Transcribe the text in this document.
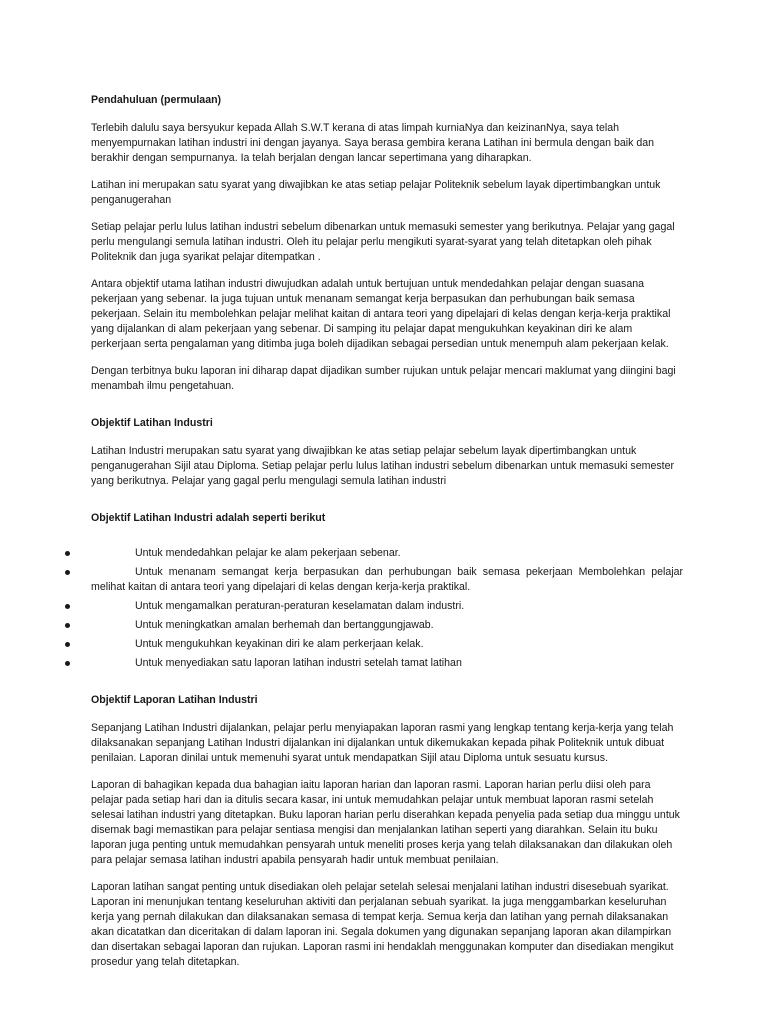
Pendahuluan (permulaan)

Terlebih dalulu saya bersyukur kepada Allah S.W.T kerana di atas limpah kurniaNya dan keizinanNya, saya telah menyempurnakan latihan industri ini dengan jayanya. Saya berasa gembira kerana Latihan ini bermula dengan baik dan berakhir dengan sempurnanya. Ia telah berjalan dengan lancar sepertimana yang diharapkan.

Latihan ini merupakan satu syarat yang diwajibkan ke atas setiap pelajar Politeknik sebelum layak dipertimbangkan untuk penganugerahan

Setiap pelajar perlu lulus latihan industri sebelum dibenarkan untuk memasuki semester yang berikutnya. Pelajar yang gagal perlu mengulangi semula latihan industri. Oleh itu pelajar perlu mengikuti syarat-syarat yang telah ditetapkan oleh pihak Politeknik dan juga syarikat pelajar ditempatkan .

Antara objektif utama latihan industri diwujudkan adalah untuk bertujuan untuk mendedahkan pelajar dengan suasana pekerjaan yang sebenar. Ia juga tujuan untuk menanam semangat kerja berpasukan dan perhubungan baik semasa pekerjaan. Selain itu membolehkan pelajar melihat kaitan di antara teori yang dipelajari di kelas dengan kerja-kerja praktikal yang dijalankan di alam pekerjaan yang sebenar. Di samping itu pelajar dapat mengukuhkan keyakinan diri ke alam perkerjaan serta pengalaman yang ditimba juga boleh dijadikan sebagai persedian untuk menempuh alam pekerjaan kelak.

Dengan terbitnya buku laporan ini diharap dapat dijadikan sumber rujukan untuk pelajar mencari maklumat yang diingini bagi menambah ilmu pengetahuan.

Objektif Latihan Industri

Latihan Industri merupakan satu syarat yang diwajibkan ke atas setiap pelajar sebelum layak dipertimbangkan untuk penganugerahan Sijil atau Diploma. Setiap pelajar perlu lulus latihan industri sebelum dibenarkan untuk memasuki semester yang berikutnya. Pelajar yang gagal perlu mengulagi semula latihan industri

Objektif Latihan Industri adalah seperti berikut
Untuk mendedahkan pelajar ke alam pekerjaan sebenar.
Untuk menanam semangat kerja berpasukan dan perhubungan baik semasa pekerjaan Membolehkan pelajar melihat kaitan di antara teori yang dipelajari di kelas dengan kerja-kerja praktikal.
Untuk mengamalkan peraturan-peraturan keselamatan dalam industri.
Untuk meningkatkan amalan berhemah dan bertanggungjawab.
Untuk mengukuhkan keyakinan diri ke alam perkerjaan kelak.
Untuk menyediakan satu laporan latihan industri setelah tamat latihan
Objektif Laporan Latihan Industri

Sepanjang Latihan Industri dijalankan, pelajar perlu menyiapakan laporan rasmi yang lengkap tentang kerja-kerja yang telah dilaksanakan sepanjang Latihan Industri dijalankan ini dijalankan untuk dikemukakan kepada pihak Politeknik untuk dibuat penilaian. Laporan dinilai untuk memenuhi syarat untuk mendapatkan Sijil atau Diploma untuk sesuatu kursus.

Laporan di bahagikan kepada dua bahagian iaitu laporan harian dan laporan rasmi. Laporan harian perlu diisi oleh para pelajar pada setiap hari dan ia ditulis secara kasar, ini untuk memudahkan pelajar untuk membuat laporan rasmi setelah selesai latihan industri yang ditetapkan. Buku laporan harian perlu diserahkan kepada penyelia pada setiap dua minggu untuk disemak bagi memastikan para pelajar sentiasa mengisi dan menjalankan latihan seperti yang diarahkan. Selain itu buku laporan juga penting untuk memudahkan pensyarah untuk meneliti proses kerja yang telah dilaksanakan dan dilakukan oleh para pelajar semasa latihan industri apabila pensyarah hadir untuk membuat penilaian.

Laporan latihan sangat penting untuk disediakan oleh pelajar setelah selesai menjalani latihan industri disesebuah syarikat. Laporan ini menunjukan tentang keseluruhan aktiviti dan perjalanan sebuah syarikat. Ia juga menggambarkan keseluruhan kerja yang pernah dilakukan dan dilaksanakan semasa di tempat kerja. Semua kerja dan latihan yang pernah dilaksanakan akan dicatatkan dan diceritakan di dalam laporan ini. Segala dokumen yang digunakan sepanjang laporan akan dilampirkan dan disertakan sebagai laporan dan rujukan. Laporan rasmi ini hendaklah menggunakan komputer dan disediakan mengikut prosedur yang telah ditetapkan.
